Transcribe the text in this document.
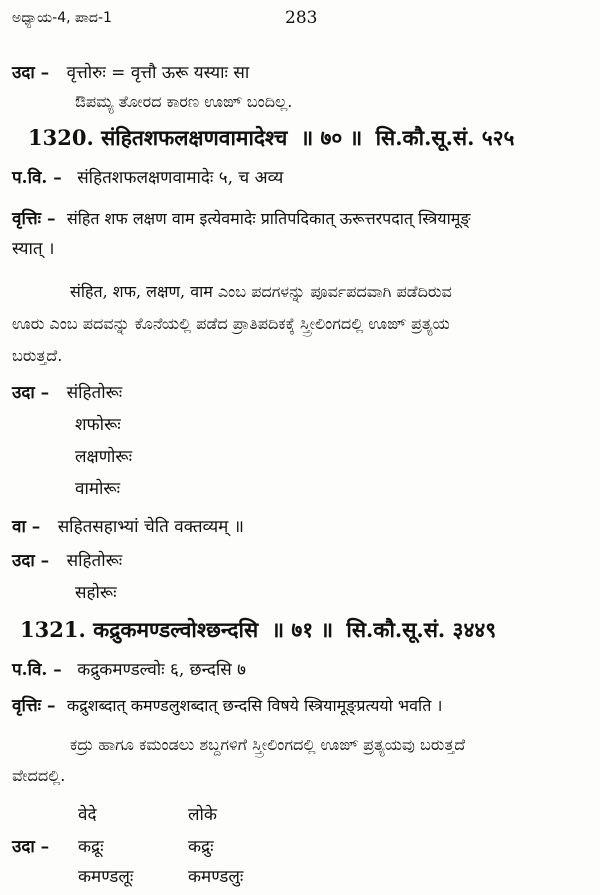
ಅಧ್ಯಾಯ-4, ಪಾದ-1	283
उदा – वृत्तोरुः = वृत्तौ ऊरू यस्याः सा
ಔಪಮ್ಯ ತೋರದ ಕಾರಣ ಊಙ್ ಬಂದಿಲ್ಲ.
1320. संहितशफलक्षणवामादेश्च ॥ ७० ॥ सि.कौ.सू.सं. ५२५
प.वि. – संहितशफलक्षणवामादेः ५, च अव्य
वृत्तिः – संहित शफ लक्षण वाम इत्येवमादेः प्रातिपदिकात् ऊरूत्तरपदात् स्त्रियामूङ्
स्यात् ।
संहित, शफ, लक्षण, वाम ಎಂಬ ಪದಗಳನ್ನು ಪೂರ್ವಪದವಾಗಿ ಪಡೆದಿರುವ
ಊರು ಎಂಬ ಪದವನ್ನು ಕೊನೆಯಲ್ಲಿ ಪಡೆದ ಪ್ರಾತಿಪದಿಕಕ್ಕೆ ಸ್ತ್ರೀಲಿಂಗದಲ್ಲಿ ಊಙ್ ಪ್ರತ್ಯಯ
ಬರುತ್ತದೆ.
उदा – संहितोरूः
शफोरूः
लक्षणोरूः
वामोरूः
वा – सहितसहाभ्यां चेति वक्तव्यम् ॥
उदा – सहितोरूः
सहोरूः
1321. कद्रुकमण्डल्वोश्छन्दसि ॥ ७१ ॥ सि.कौ.सू.सं. ३४४९
प.वि. – कद्रुकमण्डल्वोः ६, छन्दसि ७
वृत्तिः – कद्रुशब्दात् कमण्डलुशब्दात् छन्दसि विषये स्त्रियामूङ्प्रत्ययो भवति ।
ಕದ್ರು ಹಾಗೂ ಕಮಂಡಲು ಶಬ್ದಗಳಿಗೆ ಸ್ತ್ರೀಲಿಂಗದಲ್ಲಿ ಊಙ್ ಪ್ರತ್ಯಯವು ಬರುತ್ತದೆ
ವೇದದಲ್ಲಿ.
वेदे	लोके
उदा – कद्रूः	कद्रुः
कमण्डलूः	कमण्डलुः
